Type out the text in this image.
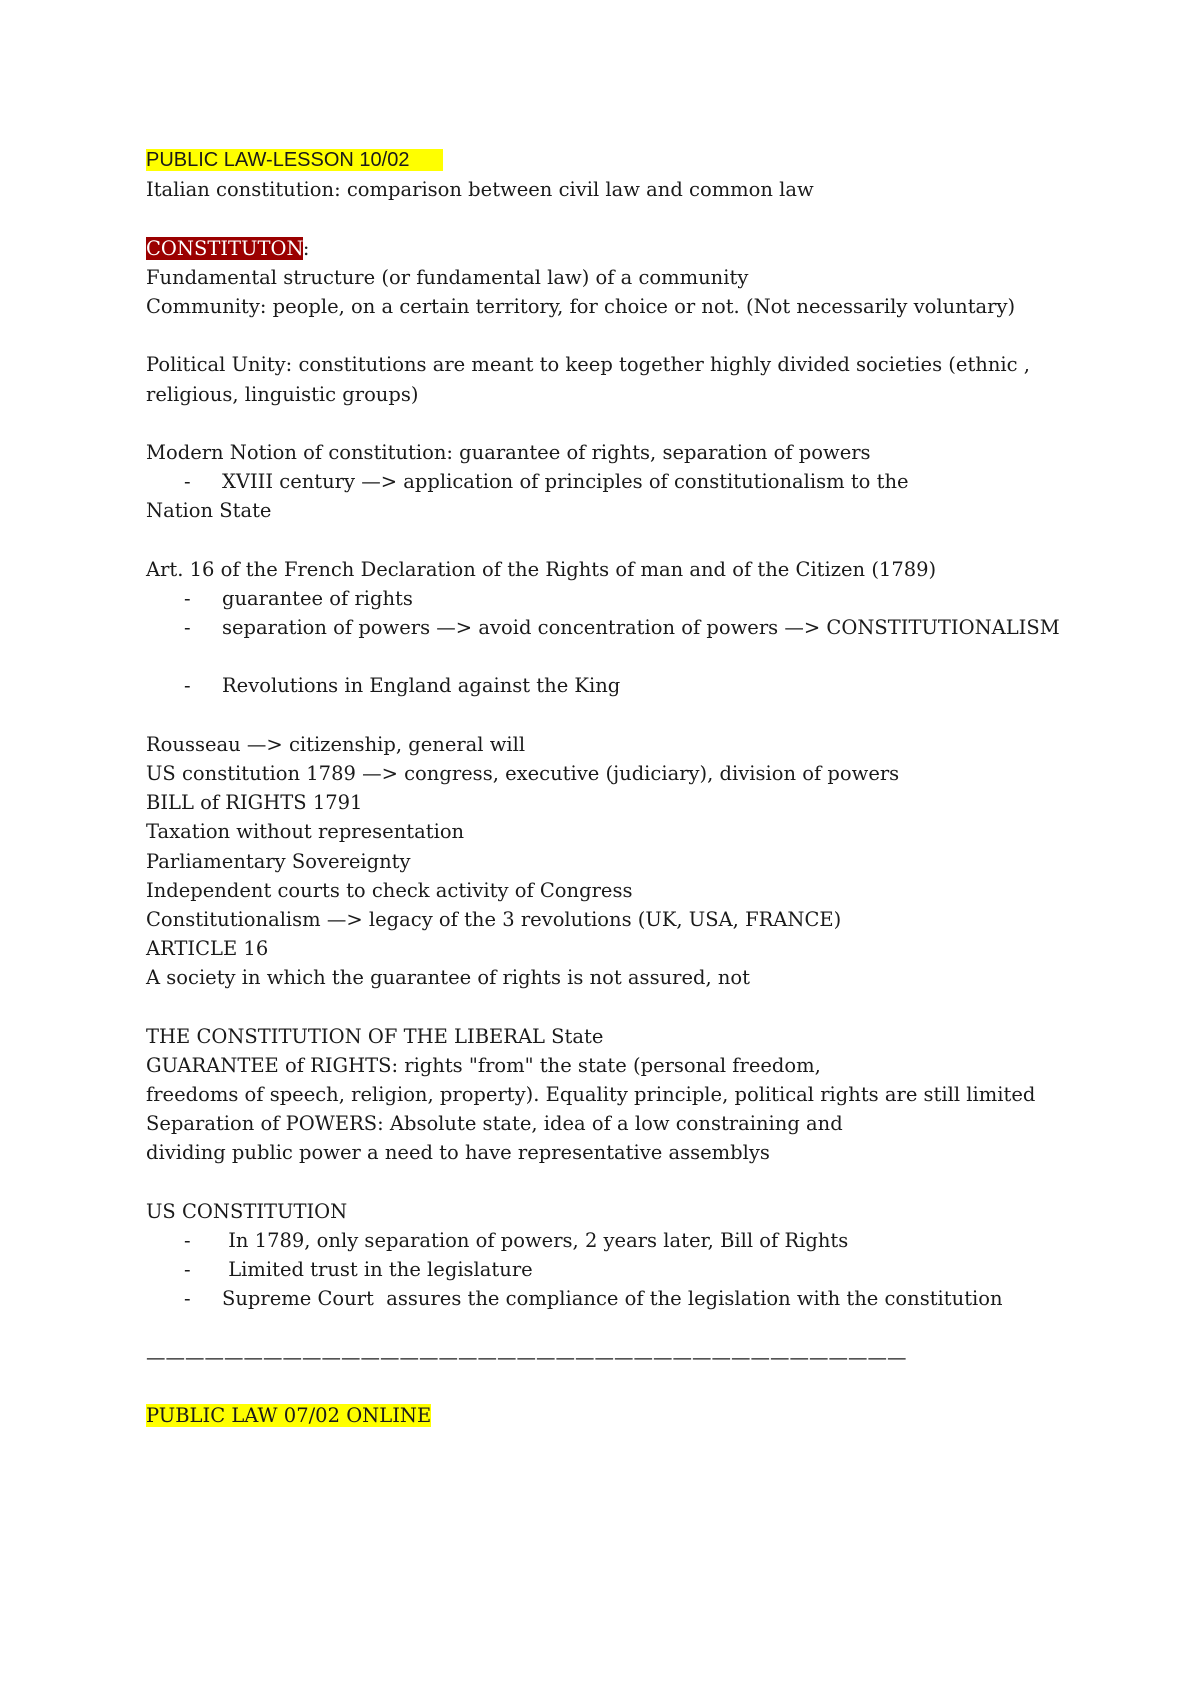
PUBLIC LAW-LESSON 10/02
Italian constitution: comparison between civil law and common law
CONSTITUTON:
Fundamental structure (or fundamental law) of a community
Community: people, on a certain territory, for choice or not. (Not necessarily voluntary)
Political Unity: constitutions are meant to keep together highly divided societies (ethnic ,
religious, linguistic groups)
Modern Notion of constitution: guarantee of rights, separation of powers
-	XVIII century —> application of principles of constitutionalism to the
Nation State
Art. 16 of the French Declaration of the Rights of man and of the Citizen (1789)
-	guarantee of rights
-	separation of powers —> avoid concentration of powers —> CONSTITUTIONALISM
-	Revolutions in England against the King
Rousseau —> citizenship, general will
US constitution 1789 —> congress, executive (judiciary), division of powers
BILL of RIGHTS 1791
Taxation without representation
Parliamentary Sovereignty
Independent courts to check activity of Congress
Constitutionalism —> legacy of the 3 revolutions (UK, USA, FRANCE)
ARTICLE 16
A society in which the guarantee of rights is not assured, not
THE CONSTITUTION OF THE LIBERAL State
GUARANTEE of RIGHTS: rights "from" the state (personal freedom,
freedoms of speech, religion, property). Equality principle, political rights are still limited
Separation of POWERS: Absolute state, idea of a low constraining and
dividing public power a need to have representative assemblys
US CONSTITUTION
-	In 1789, only separation of powers, 2 years later, Bill of Rights
-	Limited trust in the legislature
-	Supreme Court  assures the compliance of the legislation with the constitution
———————————————————————————————————————
PUBLIC LAW 07/02 ONLINE
